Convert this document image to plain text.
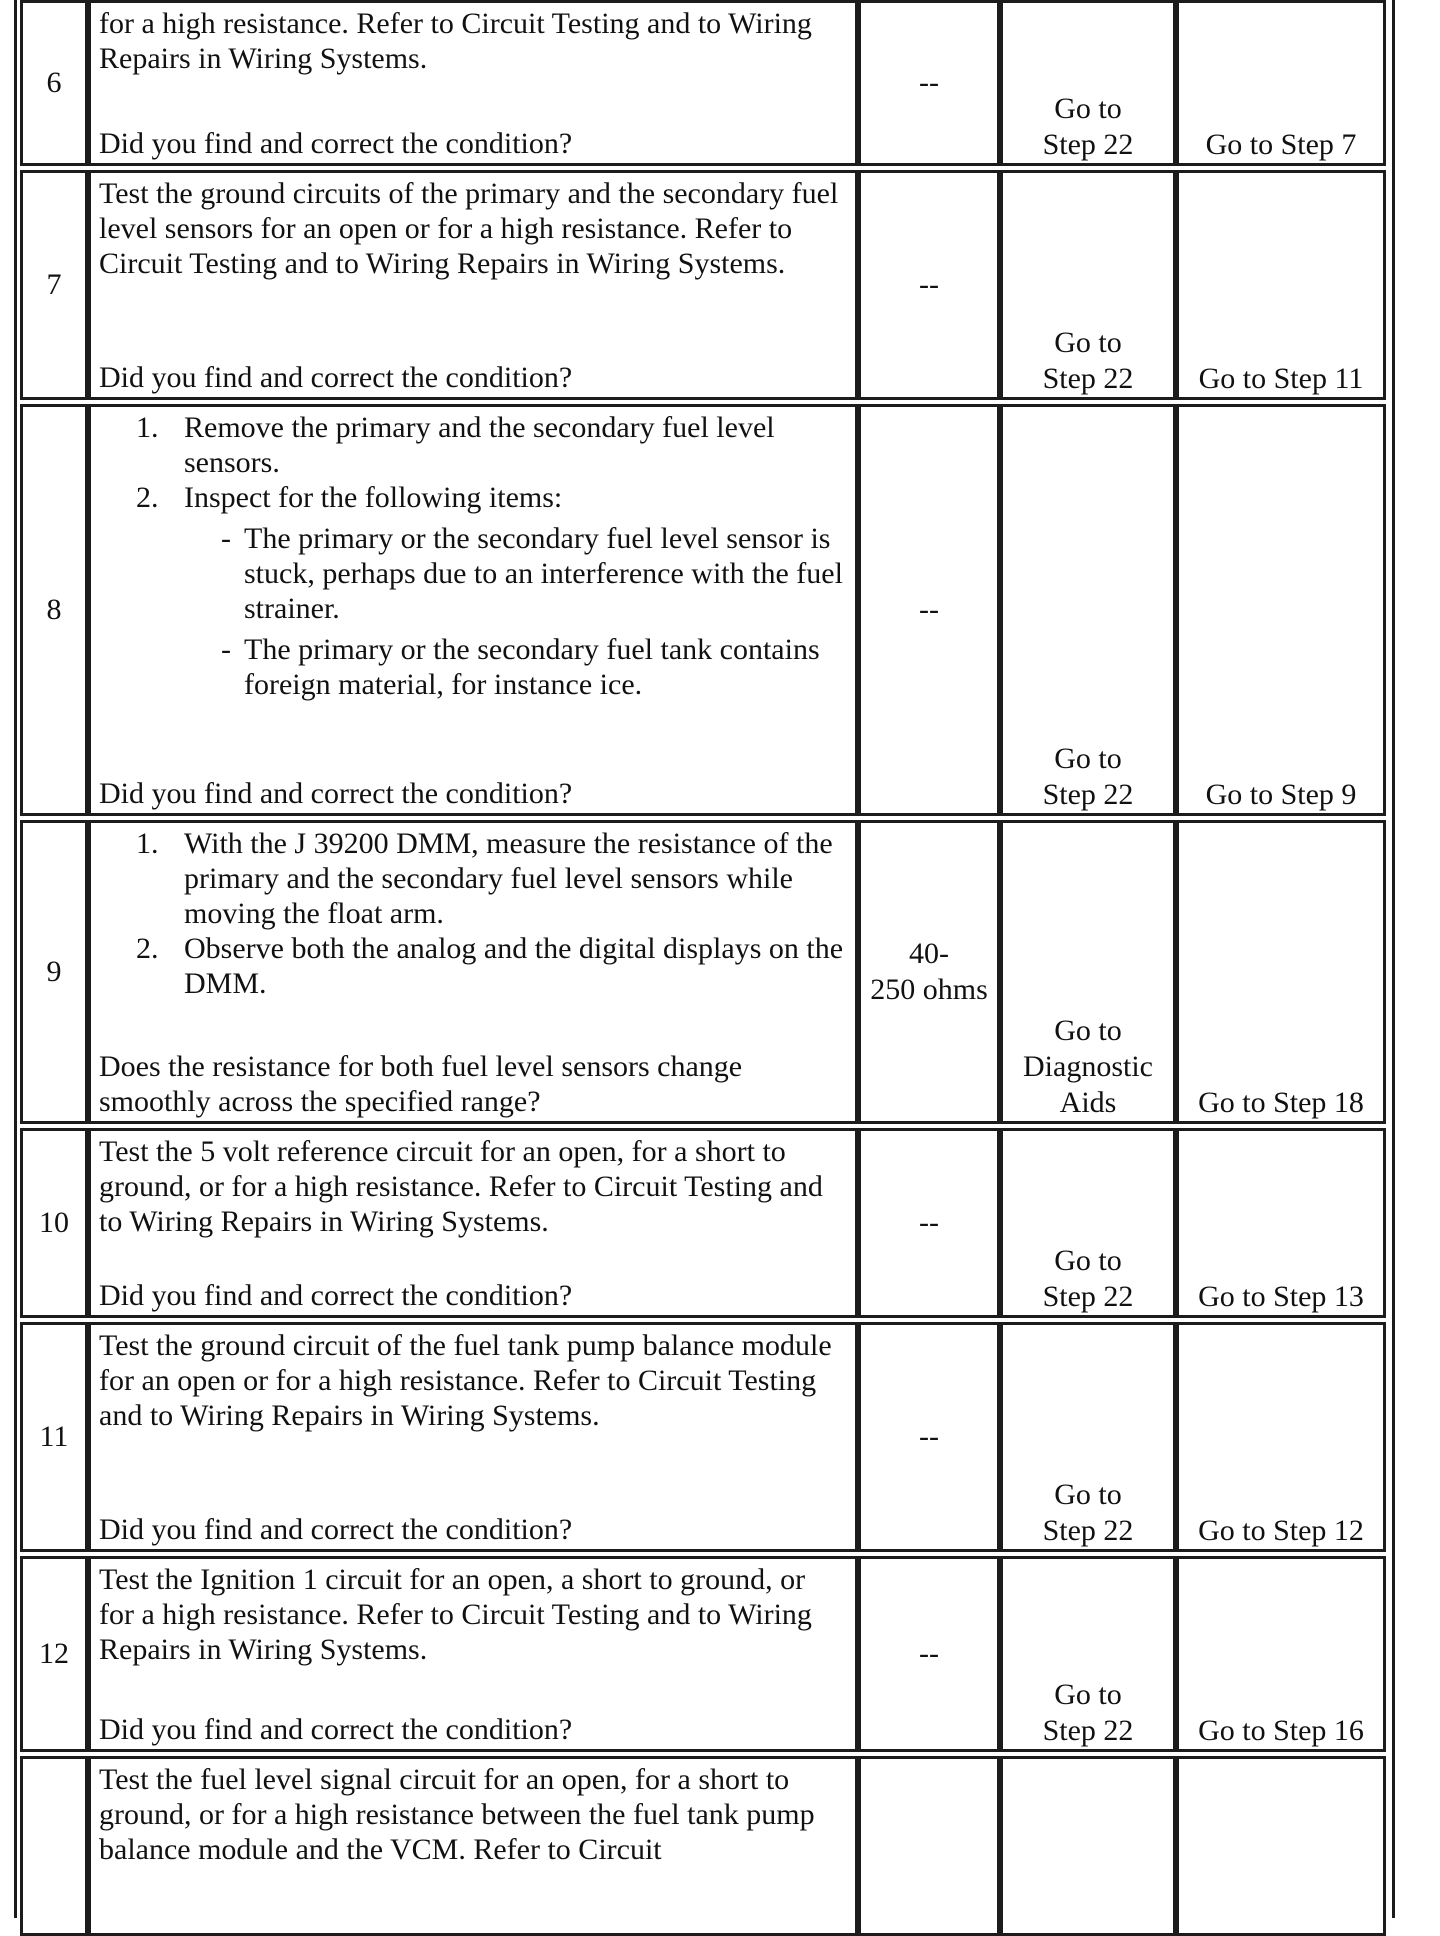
6
for a high resistance. Refer to Circuit Testing and to Wiring Repairs in Wiring Systems.
Did you find and correct the condition?
--
Go to
Step 22 Go to Step 7
7
Test the ground circuits of the primary and the secondary fuel level sensors for an open or for a high resistance. Refer to Circuit Testing and to Wiring Repairs in Wiring Systems.
Did you find and correct the condition?
--
Go to
Step 22 Go to Step 11
8
1. Remove the primary and the secondary fuel level sensors.
2. Inspect for the following items:
- The primary or the secondary fuel level sensor is stuck, perhaps due to an interference with the fuel strainer.
- The primary or the secondary fuel tank contains foreign material, for instance ice.
Did you find and correct the condition?
--
Go to
Step 22 Go to Step 9
9
1. With the J 39200 DMM, measure the resistance of the primary and the secondary fuel level sensors while moving the float arm.
2. Observe both the analog and the digital displays on the DMM.
Does the resistance for both fuel level sensors change smoothly across the specified range?
40-
250 ohms
Go to
Diagnostic
Aids	Go to Step 18
10
Test the 5 volt reference circuit for an open, for a short to ground, or for a high resistance. Refer to Circuit Testing and to Wiring Repairs in Wiring Systems.
Did you find and correct the condition?
--
Go to
Step 22 Go to Step 13
11
Test the ground circuit of the fuel tank pump balance module for an open or for a high resistance. Refer to Circuit Testing and to Wiring Repairs in Wiring Systems.
Did you find and correct the condition?
--
Go to
Step 22 Go to Step 12
12
Test the Ignition 1 circuit for an open, a short to ground, or for a high resistance. Refer to Circuit Testing and to Wiring Repairs in Wiring Systems.
Did you find and correct the condition?
--
Go to
Step 22 Go to Step 16
Test the fuel level signal circuit for an open, for a short to ground, or for a high resistance between the fuel tank pump balance module and the VCM. Refer to Circuit
